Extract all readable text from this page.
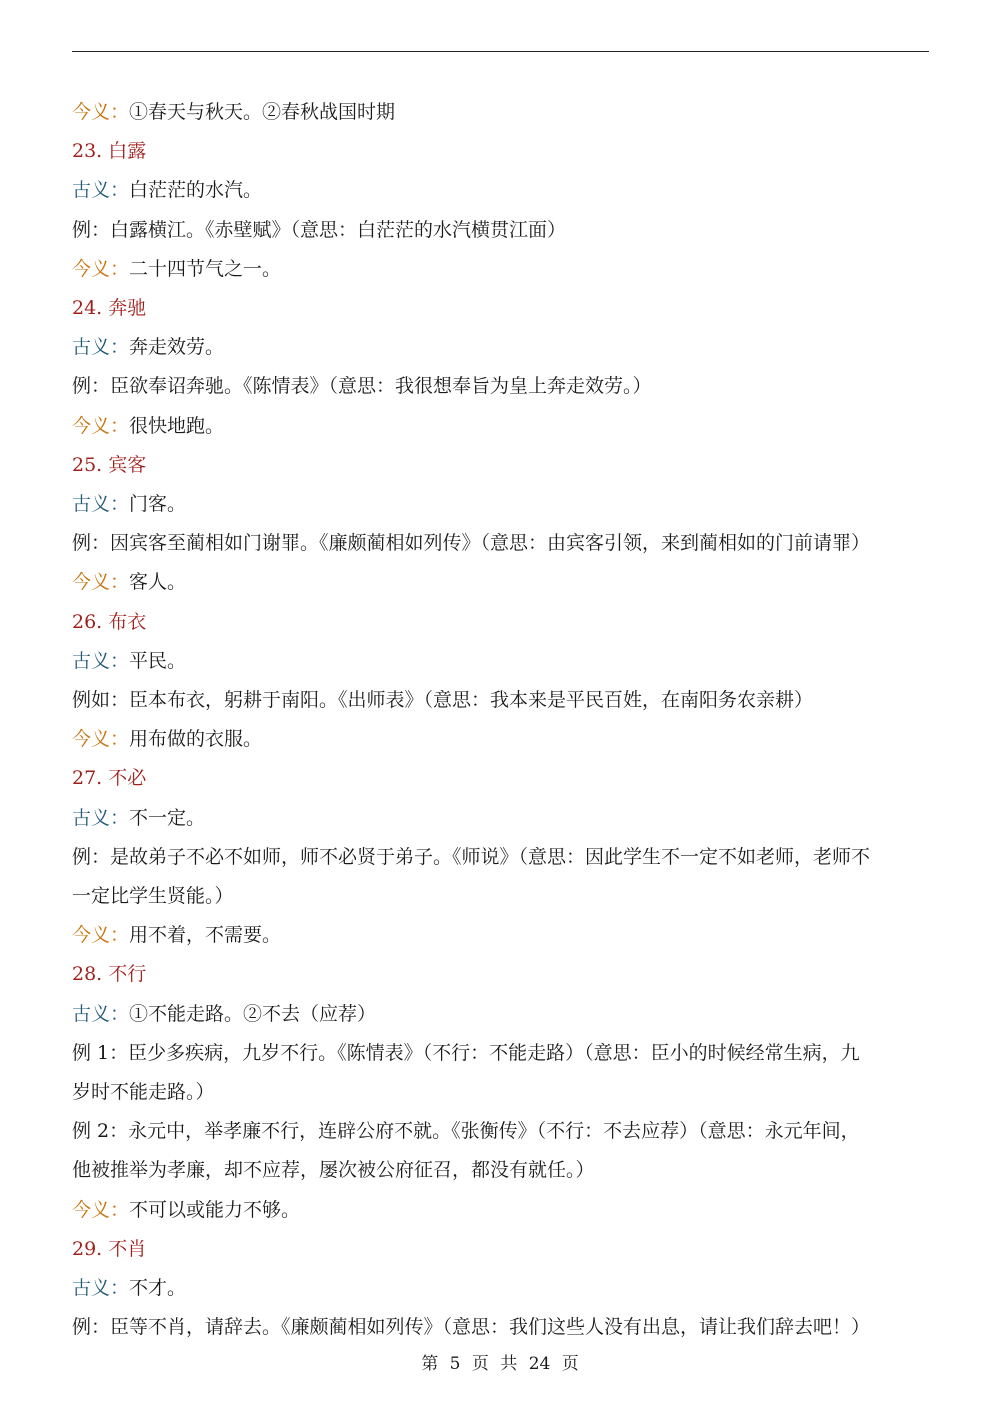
今义：①春天与秋天。②春秋战国时期
23. 白露
古义：白茫茫的水汽。
例：白露横江。《赤壁赋》（意思：白茫茫的水汽横贯江面）
今义：二十四节气之一。
24. 奔驰
古义：奔走效劳。
例：臣欲奉诏奔驰。《陈情表》（意思：我很想奉旨为皇上奔走效劳。）
今义：很快地跑。
25. 宾客
古义：门客。
例：因宾客至蔺相如门谢罪。《廉颇蔺相如列传》（意思：由宾客引领，来到蔺相如的门前请罪）
今义：客人。
26. 布衣
古义：平民。
例如：臣本布衣，躬耕于南阳。《出师表》（意思：我本来是平民百姓，在南阳务农亲耕）
今义：用布做的衣服。
27. 不必
古义：不一定。
例：是故弟子不必不如师，师不必贤于弟子。《师说》（意思：因此学生不一定不如老师，老师不
一定比学生贤能。）
今义：用不着，不需要。
28. 不行
古义：①不能走路。②不去（应荐）
例 1：臣少多疾病，九岁不行。《陈情表》（不行：不能走路）（意思：臣小的时候经常生病，九
岁时不能走路。）
例 2：永元中，举孝廉不行，连辟公府不就。《张衡传》（不行：不去应荐）（意思：永元年间，
他被推举为孝廉，却不应荐，屡次被公府征召，都没有就任。）
今义：不可以或能力不够。
29. 不肖
古义：不才。
例：臣等不肖，请辞去。《廉颇蔺相如列传》（意思：我们这些人没有出息，请让我们辞去吧！）
第 5 页 共 24 页
